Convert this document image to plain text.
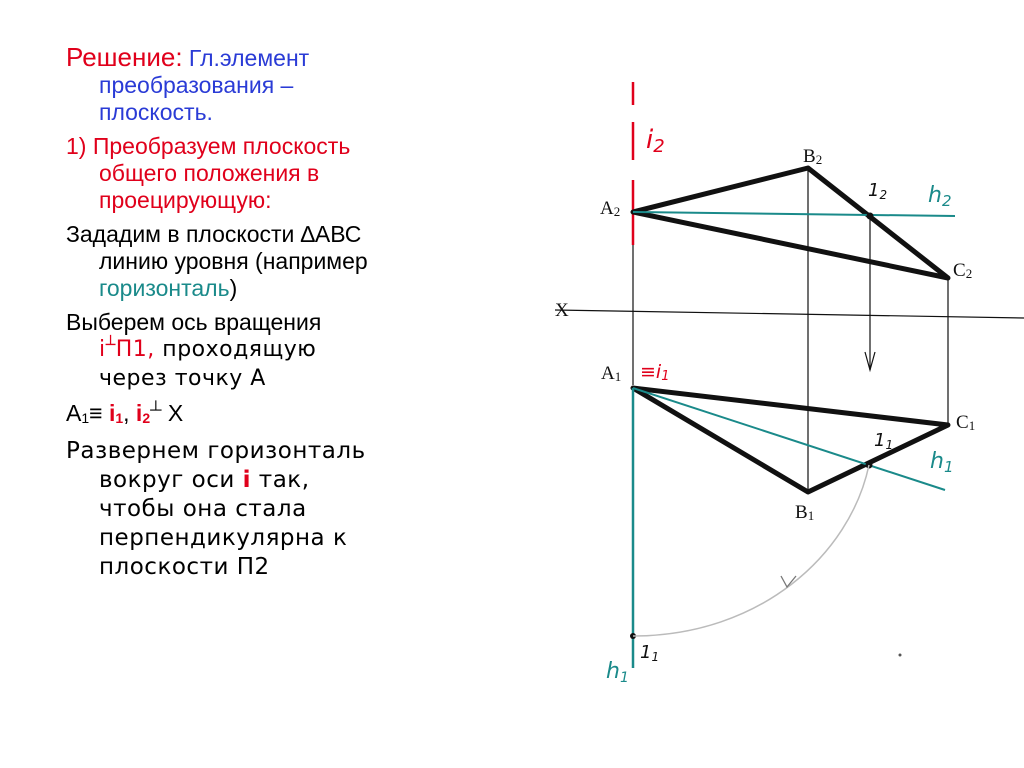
Решение: Гл.элемент
преобразования –
плоскость.

1) Преобразуем плоскость
общего положения в
проецирующую:

Зададим в плоскости ∆АВС
линию уровня (например
горизонталь)

Выберем ось вращения
i┴П1, проходящую
через точку А

А1≡ i1, i2┴ Х

Развернем горизонталь
вокруг оси i так,
чтобы она стала
перпендикулярна к
плоскости П2

А2
В2
С2
А1
С1
В1
X
i2
≡i1
h2
h1
12
11
11
h1
